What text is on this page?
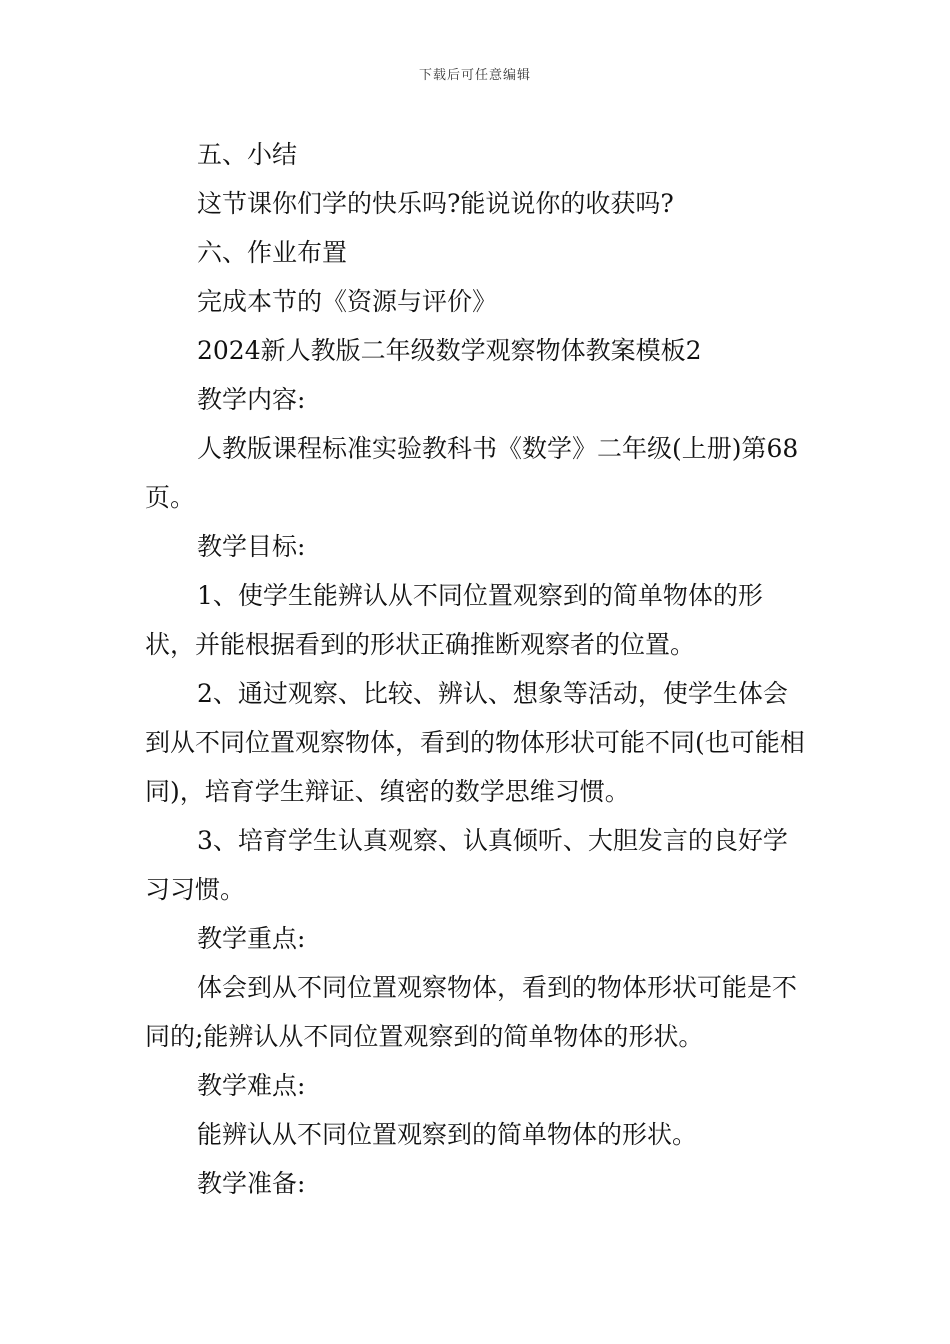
下载后可任意编辑

五、小结

这节课你们学的快乐吗?能说说你的收获吗?

六、作业布置

完成本节的《资源与评价》

2024新人教版二年级数学观察物体教案模板2

教学内容:

人教版课程标准实验教科书《数学》二年级(上册)第68页。

教学目标:

1、使学生能辨认从不同位置观察到的简单物体的形状，并能根据看到的形状正确推断观察者的位置。

2、通过观察、比较、辨认、想象等活动，使学生体会到从不同位置观察物体，看到的物体形状可能不同(也可能相同)，培育学生辩证、缜密的数学思维习惯。

3、培育学生认真观察、认真倾听、大胆发言的良好学习习惯。

教学重点:

体会到从不同位置观察物体，看到的物体形状可能是不同的;能辨认从不同位置观察到的简单物体的形状。

教学难点:

能辨认从不同位置观察到的简单物体的形状。

教学准备:
